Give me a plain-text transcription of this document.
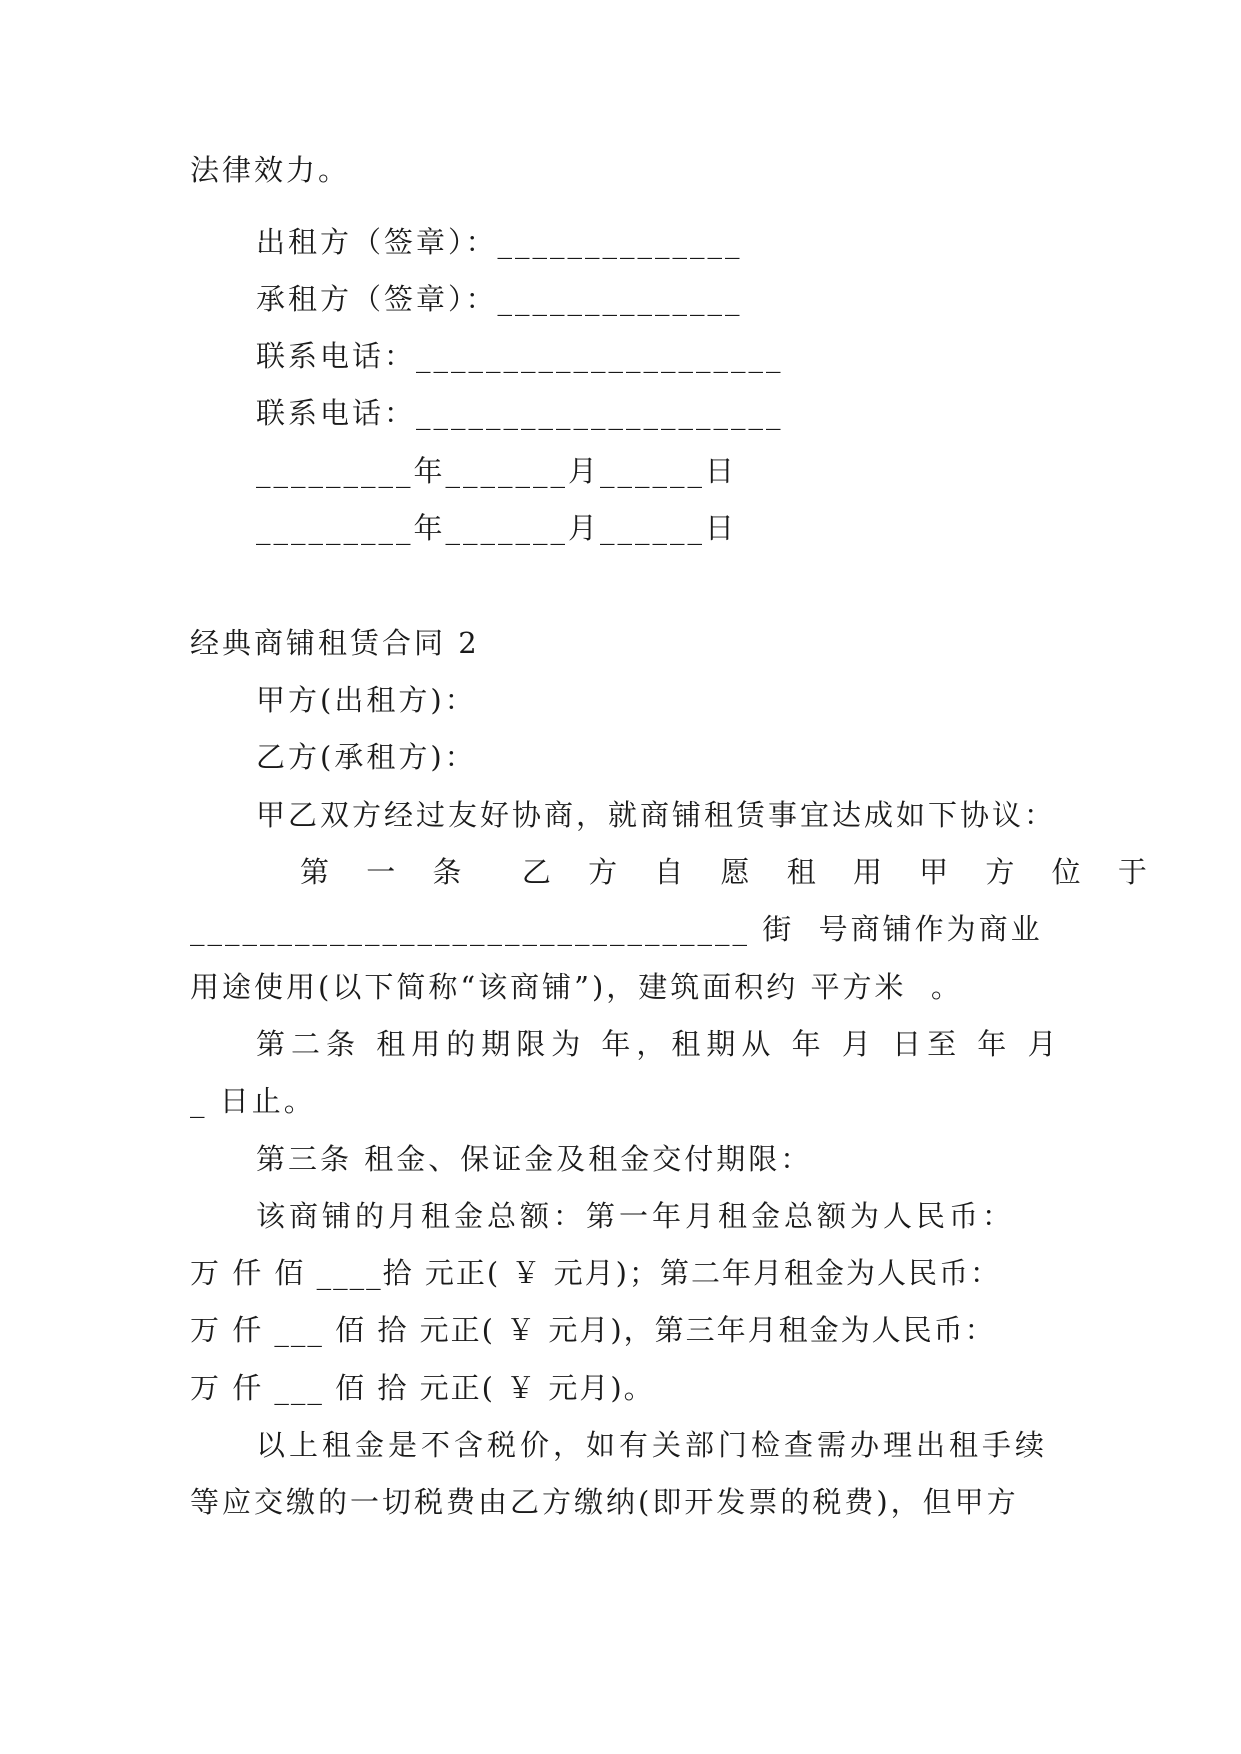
法律效力。
出租方（签章）：______________
承租方（签章）：______________
联系电话：_____________________
联系电话：_____________________
_________年_______月______日
_________年_______月______日
经典商铺租赁合同 2
甲方(出租方)：
乙方(承租方)：
甲乙双方经过友好协商，就商铺租赁事宜达成如下协议：
第 一 条  乙 方 自 愿 租 用 甲 方 位 于
________________________________ 街  号商铺作为商业
用途使用(以下简称“该商铺”)，建筑面积约 平方米  。
第二条 租用的期限为 年，租期从 年 月 日至 年 月
_ 日止。
第三条 租金、保证金及租金交付期限：
该商铺的月租金总额：第一年月租金总额为人民币：
万 仟 佰 ____拾 元正( ￥ 元月)；第二年月租金为人民币：
万 仟 ___ 佰 拾 元正( ￥ 元月)，第三年月租金为人民币：
万 仟 ___ 佰 拾 元正( ￥ 元月)。
以上租金是不含税价，如有关部门检查需办理出租手续
等应交缴的一切税费由乙方缴纳(即开发票的税费)，但甲方
